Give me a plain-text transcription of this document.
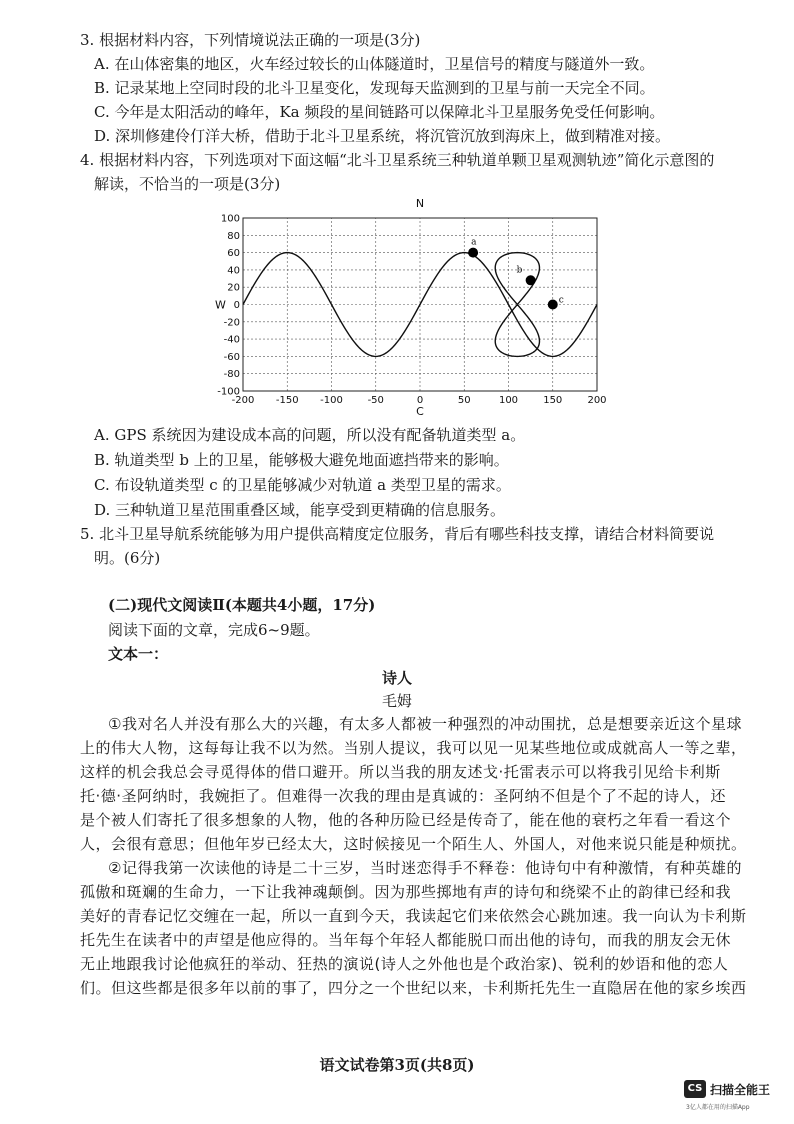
3. 根据材料内容，下列情境说法正确的一项是(3分)
A. 在山体密集的地区，火车经过较长的山体隧道时，卫星信号的精度与隧道外一致。
B. 记录某地上空同时段的北斗卫星变化，发现每天监测到的卫星与前一天完全不同。
C. 今年是太阳活动的峰年，Ka 频段的星间链路可以保障北斗卫星服务免受任何影响。
D. 深圳修建伶仃洋大桥，借助于北斗卫星系统，将沉管沉放到海床上，做到精准对接。
4. 根据材料内容，下列选项对下面这幅“北斗卫星系统三种轨道单颗卫星观测轨迹”简化示意图的
解读，不恰当的一项是(3分)
-200 -150 -100 -50	0	50	100	150	200
100
80
60
40
20
0
-20
-40
-60
-80
-100
N
C
W
a
b
c
A. GPS 系统因为建设成本高的问题，所以没有配备轨道类型 a。
B. 轨道类型 b 上的卫星，能够极大避免地面遮挡带来的影响。
C. 布设轨道类型 c 的卫星能够减少对轨道 a 类型卫星的需求。
D. 三种轨道卫星范围重叠区域，能享受到更精确的信息服务。
5. 北斗卫星导航系统能够为用户提供高精度定位服务，背后有哪些科技支撑，请结合材料简要说
明。(6分)
(二)现代文阅读Ⅱ(本题共4小题，17分)
阅读下面的文章，完成6~9题。
文本一：
诗人
毛姆
①我对名人并没有那么大的兴趣，有太多人都被一种强烈的冲动围扰，总是想要亲近这个星球
上的伟大人物，这每每让我不以为然。当别人提议，我可以见一见某些地位或成就高人一等之辈，
这样的机会我总会寻觅得体的借口避开。所以当我的朋友述戈·托雷表示可以将我引见给卡利斯
托·德·圣阿纳时，我婉拒了。但难得一次我的理由是真诚的：圣阿纳不但是个了不起的诗人，还
是个被人们寄托了很多想象的人物，他的各种历险已经是传奇了，能在他的衰朽之年看一看这个
人，会很有意思；但他年岁已经太大，这时候接见一个陌生人、外国人，对他来说只能是种烦扰。
②记得我第一次读他的诗是二十三岁，当时迷恋得手不释卷：他诗句中有种激情，有种英雄的
孤傲和斑斓的生命力，一下让我神魂颠倒。因为那些掷地有声的诗句和绕梁不止的韵律已经和我
美好的青春记忆交缠在一起，所以一直到今天，我读起它们来依然会心跳加速。我一向认为卡利斯
托先生在读者中的声望是他应得的。当年每个年轻人都能脱口而出他的诗句，而我的朋友会无休
无止地跟我讨论他疯狂的举动、狂热的演说(诗人之外他也是个政治家)、锐利的妙语和他的恋人
们。但这些都是很多年以前的事了，四分之一个世纪以来，卡利斯托先生一直隐居在他的家乡埃西
语文试卷第3页(共8页)
CS 扫描全能王
3亿人都在用的扫描App
